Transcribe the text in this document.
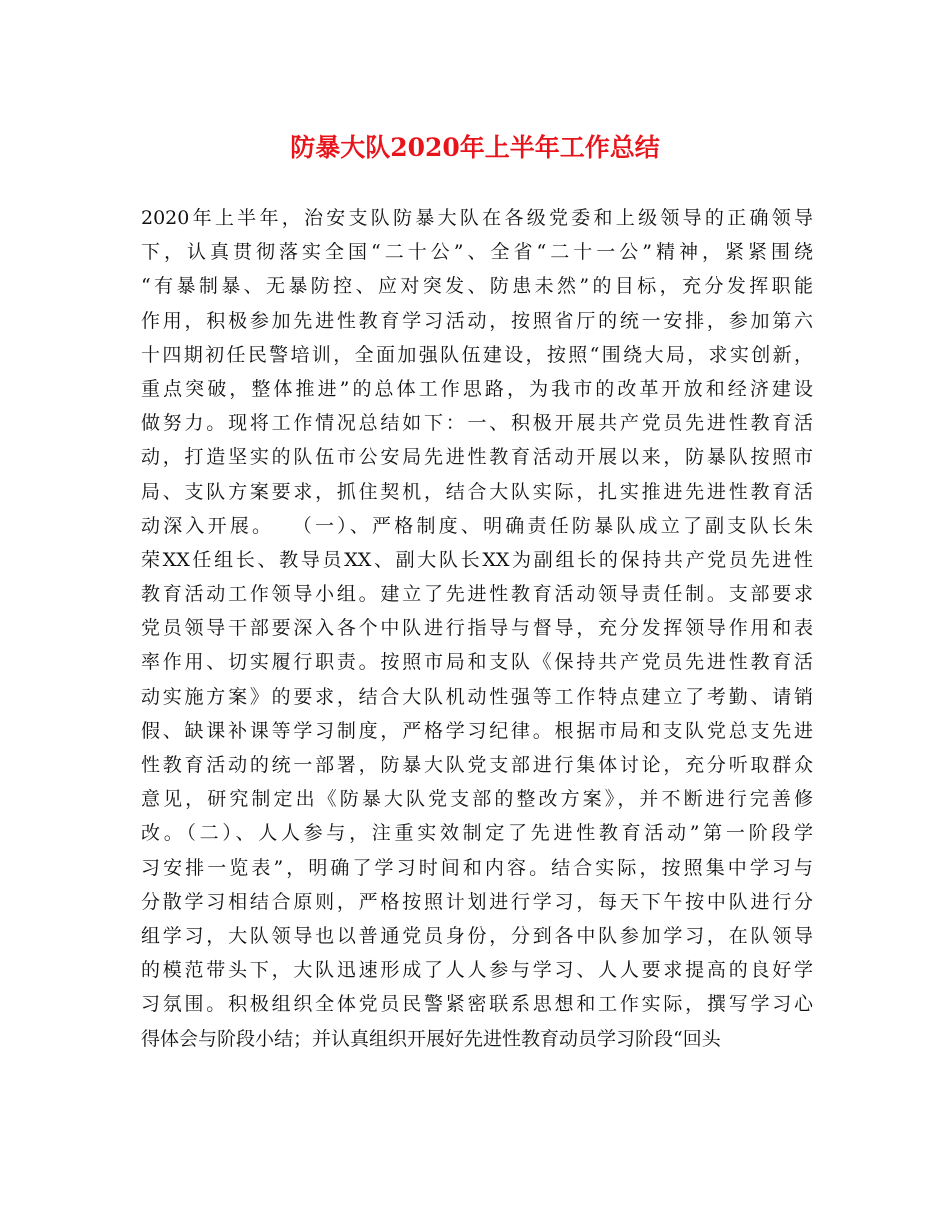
防暴大队2020年上半年工作总结
2020年上半年，治安支队防暴大队在各级党委和上级领导的正确领导
下，认真贯彻落实全国“二十公”、全省“二十一公”精神，紧紧围绕
“有暴制暴、无暴防控、应对突发、防患未然”的目标，充分发挥职能
作用，积极参加先进性教育学习活动，按照省厅的统一安排，参加第六
十四期初任民警培训，全面加强队伍建设，按照“围绕大局，求实创新，
重点突破，整体推进”的总体工作思路，为我市的改革开放和经济建设
做努力。现将工作情况总结如下：一、积极开展共产党员先进性教育活
动，打造坚实的队伍市公安局先进性教育活动开展以来，防暴队按照市
局、支队方案要求，抓住契机，结合大队实际，扎实推进先进性教育活
动深入开展。  （一）、严格制度、明确责任防暴队成立了副支队长朱
荣XX任组长、教导员XX、副大队长XX为副组长的保持共产党员先进性
教育活动工作领导小组。建立了先进性教育活动领导责任制。支部要求
党员领导干部要深入各个中队进行指导与督导，充分发挥领导作用和表
率作用、切实履行职责。按照市局和支队《保持共产党员先进性教育活
动实施方案》的要求，结合大队机动性强等工作特点建立了考勤、请销
假、缺课补课等学习制度，严格学习纪律。根据市局和支队党总支先进
性教育活动的统一部署，防暴大队党支部进行集体讨论，充分听取群众
意见，研究制定出《防暴大队党支部的整改方案》，并不断进行完善修
改。（二）、人人参与，注重实效制定了先进性教育活动”第一阶段学
习安排一览表”，明确了学习时间和内容。结合实际，按照集中学习与
分散学习相结合原则，严格按照计划进行学习，每天下午按中队进行分
组学习，大队领导也以普通党员身份，分到各中队参加学习，在队领导
的模范带头下，大队迅速形成了人人参与学习、人人要求提高的良好学
习氛围。积极组织全体党员民警紧密联系思想和工作实际，撰写学习心
得体会与阶段小结；并认真组织开展好先进性教育动员学习阶段“回头
